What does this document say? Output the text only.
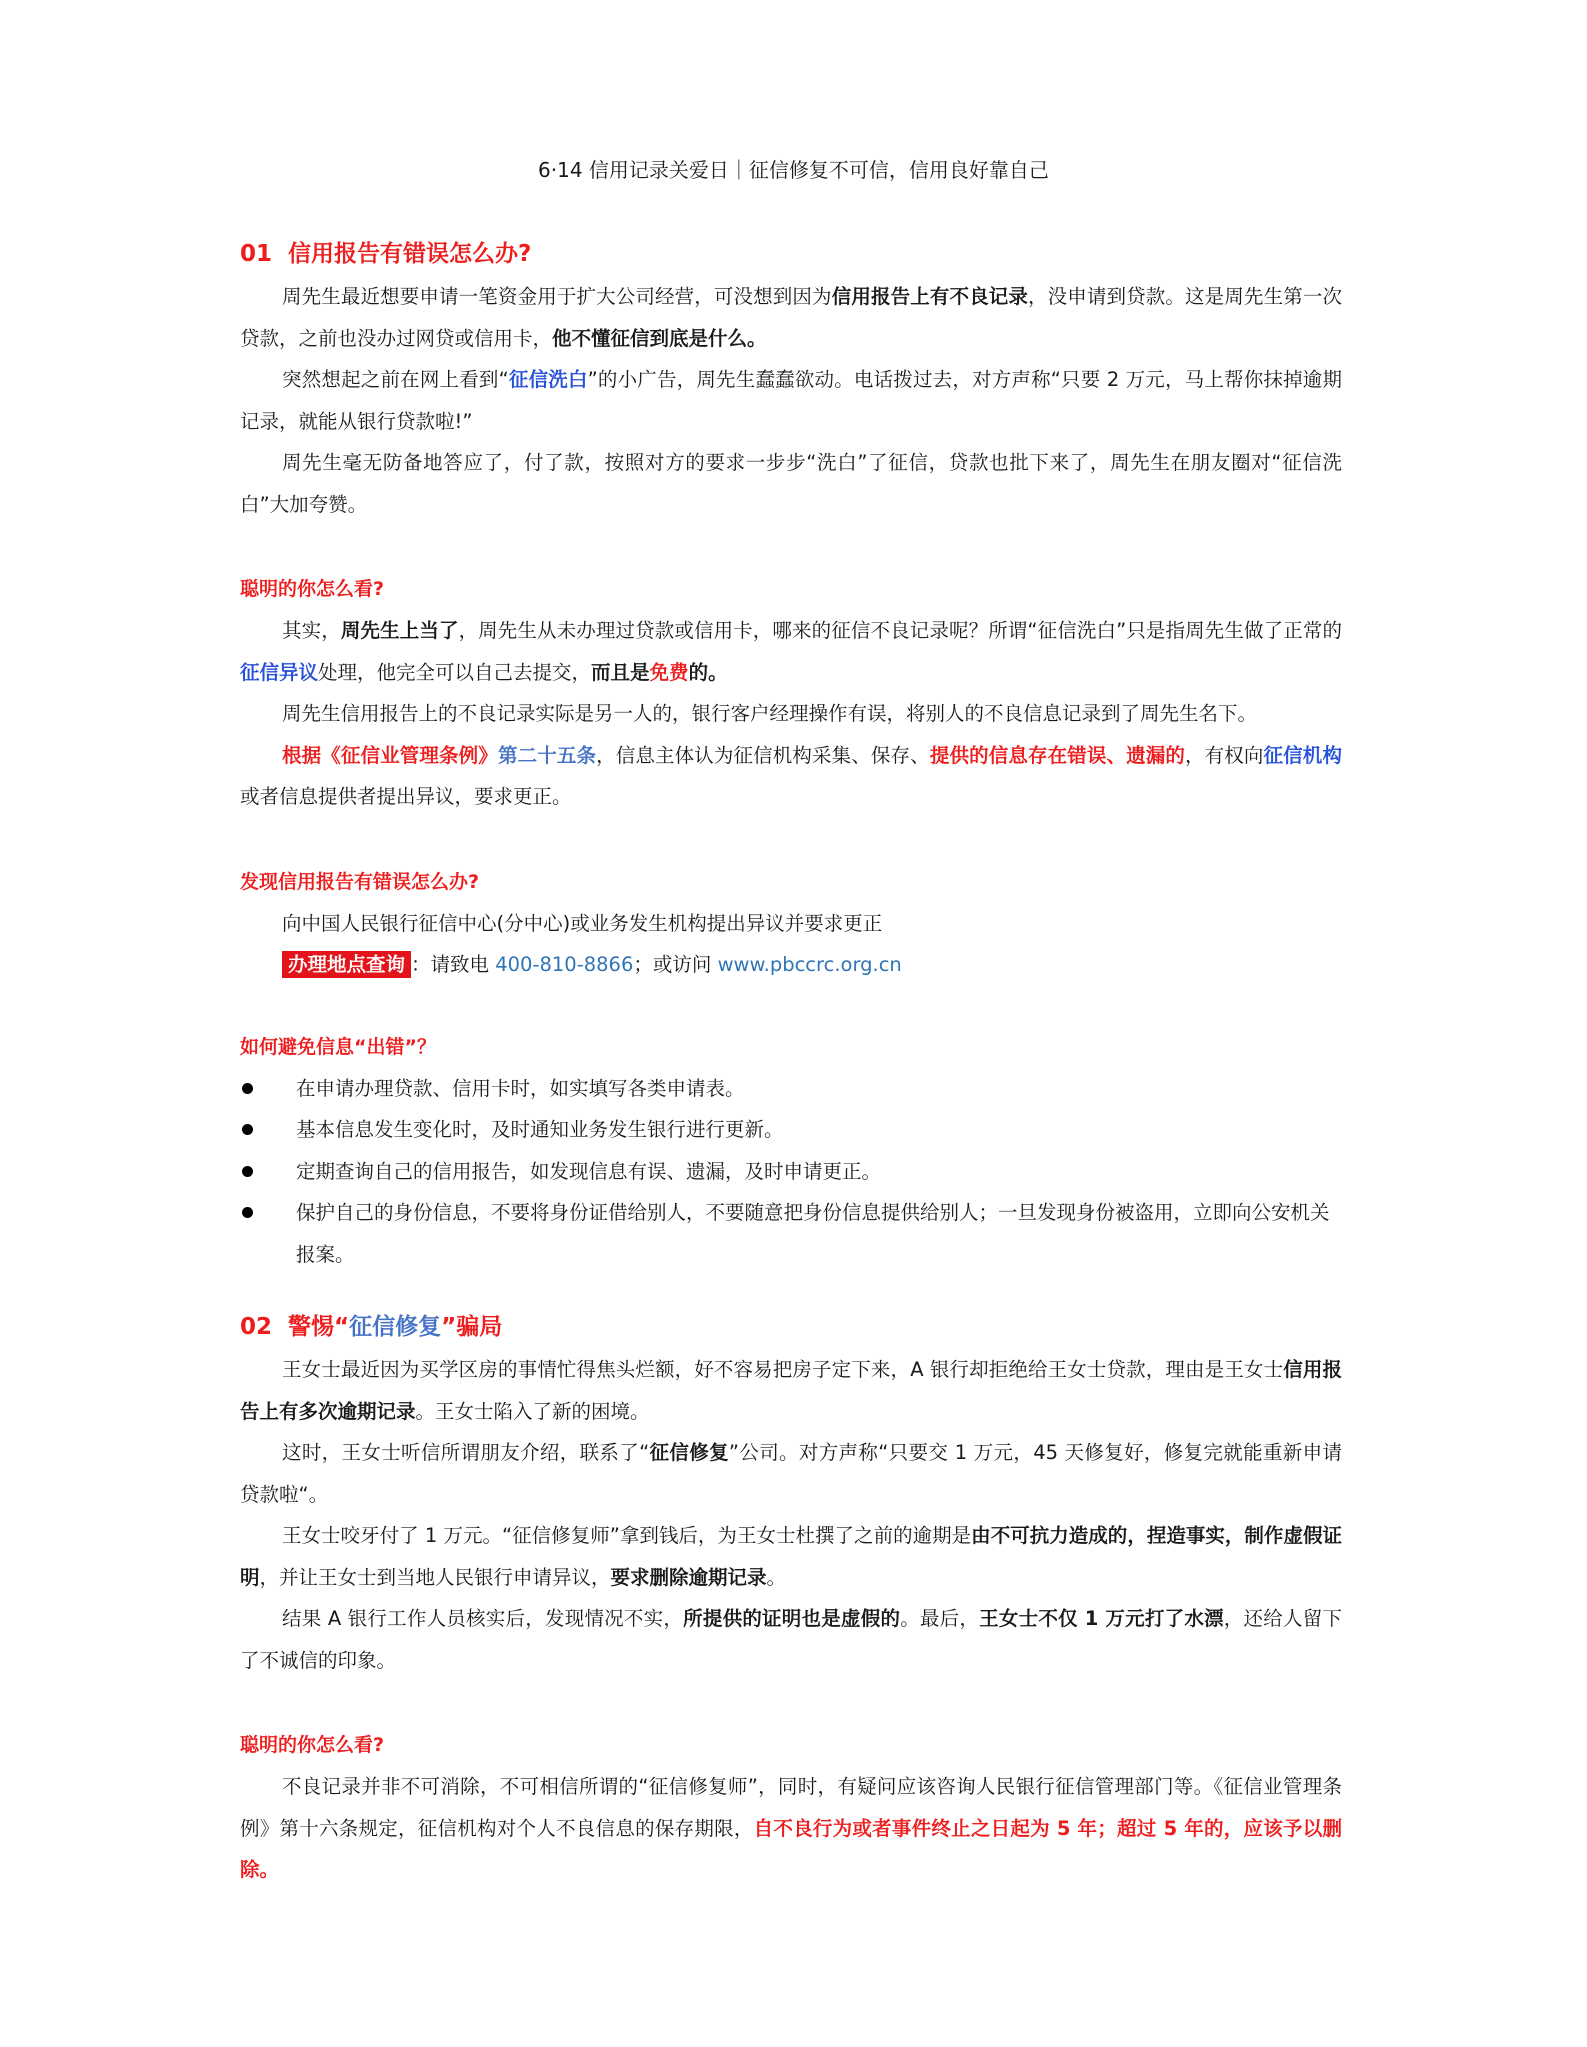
6·14 信用记录关爱日｜征信修复不可信，信用良好靠自己
01 信用报告有错误怎么办?

周先生最近想要申请一笔资金用于扩大公司经营，可没想到因为信用报告上有不良记录，没申请到贷款。这是周先生第一次贷款，之前也没办过网贷或信用卡，他不懂征信到底是什么。

突然想起之前在网上看到“征信洗白”的小广告，周先生蠢蠢欲动。电话拨过去，对方声称“只要 2 万元，马上帮你抹掉逾期记录，就能从银行贷款啦!”

周先生毫无防备地答应了，付了款，按照对方的要求一步步“洗白”了征信，贷款也批下来了，周先生在朋友圈对“征信洗白”大加夸赞。

聪明的你怎么看?

其实，周先生上当了，周先生从未办理过贷款或信用卡，哪来的征信不良记录呢？所谓“征信洗白”只是指周先生做了正常的征信异议处理，他完全可以自己去提交，而且是免费的。

周先生信用报告上的不良记录实际是另一人的，银行客户经理操作有误，将别人的不良信息记录到了周先生名下。

根据《征信业管理条例》第二十五条，信息主体认为征信机构采集、保存、提供的信息存在错误、遗漏的，有权向征信机构或者信息提供者提出异议，要求更正。

发现信用报告有错误怎么办?

向中国人民银行征信中心(分中心)或业务发生机构提出异议并要求更正

办理地点查询 ：请致电 400-810-8866；或访问 www.pbccrc.org.cn

如何避免信息“出错”？
在申请办理贷款、信用卡时，如实填写各类申请表。
基本信息发生变化时，及时通知业务发生银行进行更新。
定期查询自己的信用报告，如发现信息有误、遗漏，及时申请更正。
保护自己的身份信息，不要将身份证借给别人，不要随意把身份信息提供给别人；一旦发现身份被盗用，立即向公安机关报案。
02 警惕“征信修复”骗局

王女士最近因为买学区房的事情忙得焦头烂额，好不容易把房子定下来，A 银行却拒绝给王女士贷款，理由是王女士信用报告上有多次逾期记录。王女士陷入了新的困境。

这时，王女士听信所谓朋友介绍，联系了“征信修复”公司。对方声称“只要交 1 万元，45 天修复好，修复完就能重新申请贷款啦“。

王女士咬牙付了 1 万元。“征信修复师”拿到钱后，为王女士杜撰了之前的逾期是由不可抗力造成的，捏造事实，制作虚假证明，并让王女士到当地人民银行申请异议，要求删除逾期记录。

结果 A 银行工作人员核实后，发现情况不实，所提供的证明也是虚假的。最后，王女士不仅 1 万元打了水漂，还给人留下了不诚信的印象。

聪明的你怎么看?

不良记录并非不可消除，不可相信所谓的“征信修复师”，同时，有疑问应该咨询人民银行征信管理部门等。《征信业管理条例》第十六条规定，征信机构对个人不良信息的保存期限，自不良行为或者事件终止之日起为 5 年；超过 5 年的，应该予以删除。
